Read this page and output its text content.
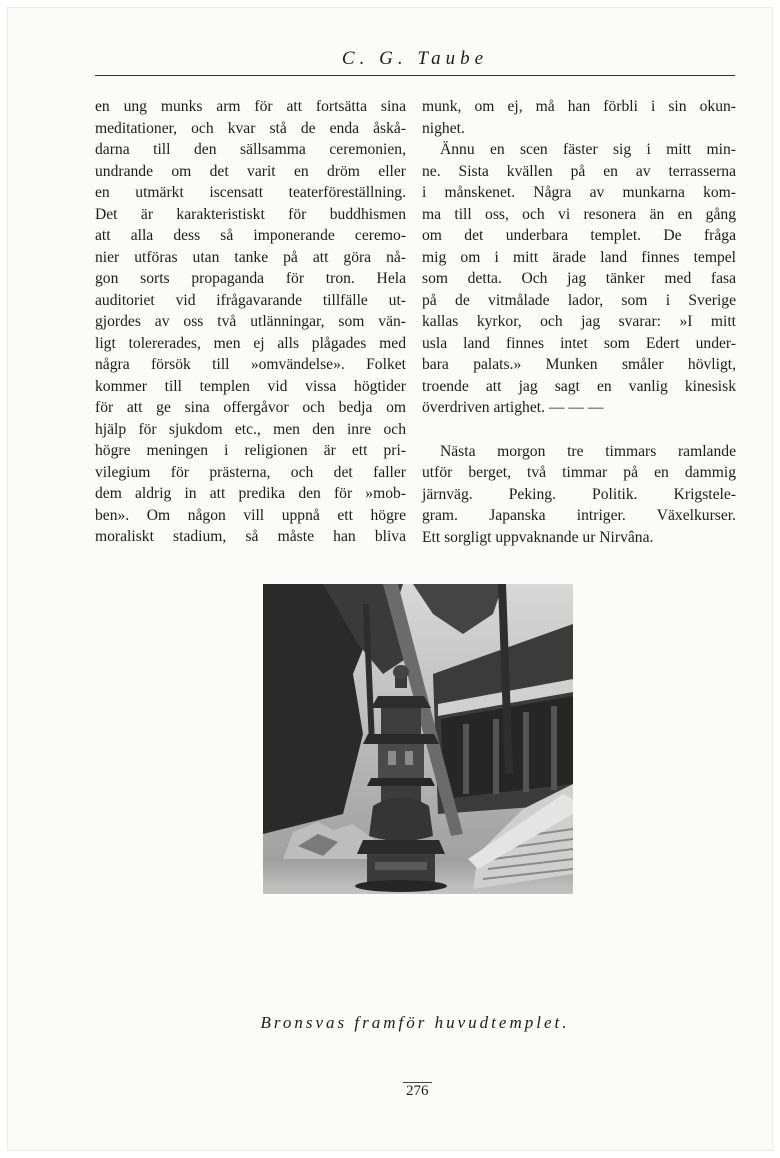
C. G. Taube

en ung munks arm för att fortsätta sina

meditationer, och kvar stå de enda åskå-

darna till den sällsamma ceremonien,

undrande om det varit en dröm eller

en utmärkt iscensatt teaterföreställning.

Det är karakteristiskt för buddhismen

att alla dess så imponerande ceremo-

nier utföras utan tanke på att göra nå-

gon sorts propaganda för tron. Hela

auditoriet vid ifrågavarande tillfälle ut-

gjordes av oss två utlänningar, som vän-

ligt tolererades, men ej alls plågades med

några försök till »omvändelse». Folket

kommer till templen vid vissa högtider

för att ge sina offergåvor och bedja om

hjälp för sjukdom etc., men den inre och

högre meningen i religionen är ett pri-

vilegium för prästerna, och det faller

dem aldrig in att predika den för »mob-

ben». Om någon vill uppnå ett högre

moraliskt stadium, så måste han bliva

munk, om ej, må han förbli i sin okun-

nighet.

Ännu en scen fäster sig i mitt min-

ne. Sista kvällen på en av terrasserna

i månskenet. Några av munkarna kom-

ma till oss, och vi resonera än en gång

om det underbara templet. De fråga

mig om i mitt ärade land finnes tempel

som detta. Och jag tänker med fasa

på de vitmålade lador, som i Sverige

kallas kyrkor, och jag svarar: »I mitt

usla land finnes intet som Edert under-

bara palats.» Munken småler hövligt,

troende att jag sagt en vanlig kinesisk

överdriven artighet. — — —

Nästa morgon tre timmars ramlande

utför berget, två timmar på en dammig

järnväg. Peking. Politik. Krigstele-

gram. Japanska intriger. Växelkurser.

Ett sorgligt uppvaknande ur Nirvâna.

Bronsvas framför huvudtemplet.
276
